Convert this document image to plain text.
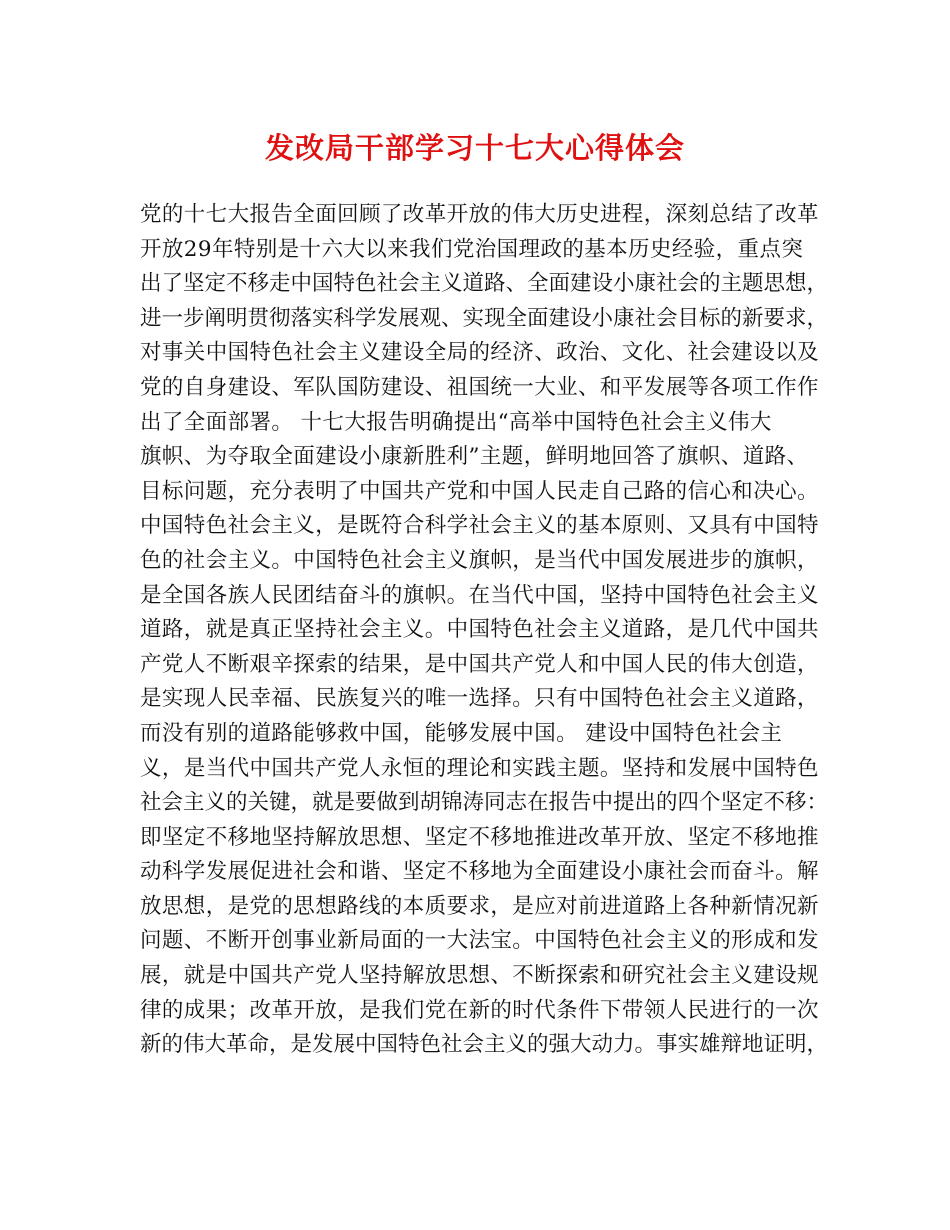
发改局干部学习十七大心得体会
党的十七大报告全面回顾了改革开放的伟大历史进程，深刻总结了改革
开放29年特别是十六大以来我们党治国理政的基本历史经验，重点突
出了坚定不移走中国特色社会主义道路、全面建设小康社会的主题思想，
进一步阐明贯彻落实科学发展观、实现全面建设小康社会目标的新要求，
对事关中国特色社会主义建设全局的经济、政治、文化、社会建设以及
党的自身建设、军队国防建设、祖国统一大业、和平发展等各项工作作
出了全面部署。 十七大报告明确提出“高举中国特色社会主义伟大
旗帜、为夺取全面建设小康新胜利”主题，鲜明地回答了旗帜、道路、
目标问题，充分表明了中国共产党和中国人民走自己路的信心和决心。
中国特色社会主义，是既符合科学社会主义的基本原则、又具有中国特
色的社会主义。中国特色社会主义旗帜，是当代中国发展进步的旗帜，
是全国各族人民团结奋斗的旗帜。在当代中国，坚持中国特色社会主义
道路，就是真正坚持社会主义。中国特色社会主义道路，是几代中国共
产党人不断艰辛探索的结果，是中国共产党人和中国人民的伟大创造，
是实现人民幸福、民族复兴的唯一选择。只有中国特色社会主义道路，
而没有别的道路能够救中国，能够发展中国。 建设中国特色社会主
义，是当代中国共产党人永恒的理论和实践主题。坚持和发展中国特色
社会主义的关键，就是要做到胡锦涛同志在报告中提出的四个坚定不移：
即坚定不移地坚持解放思想、坚定不移地推进改革开放、坚定不移地推
动科学发展促进社会和谐、坚定不移地为全面建设小康社会而奋斗。解
放思想，是党的思想路线的本质要求，是应对前进道路上各种新情况新
问题、不断开创事业新局面的一大法宝。中国特色社会主义的形成和发
展，就是中国共产党人坚持解放思想、不断探索和研究社会主义建设规
律的成果；改革开放，是我们党在新的时代条件下带领人民进行的一次
新的伟大革命，是发展中国特色社会主义的强大动力。事实雄辩地证明，
